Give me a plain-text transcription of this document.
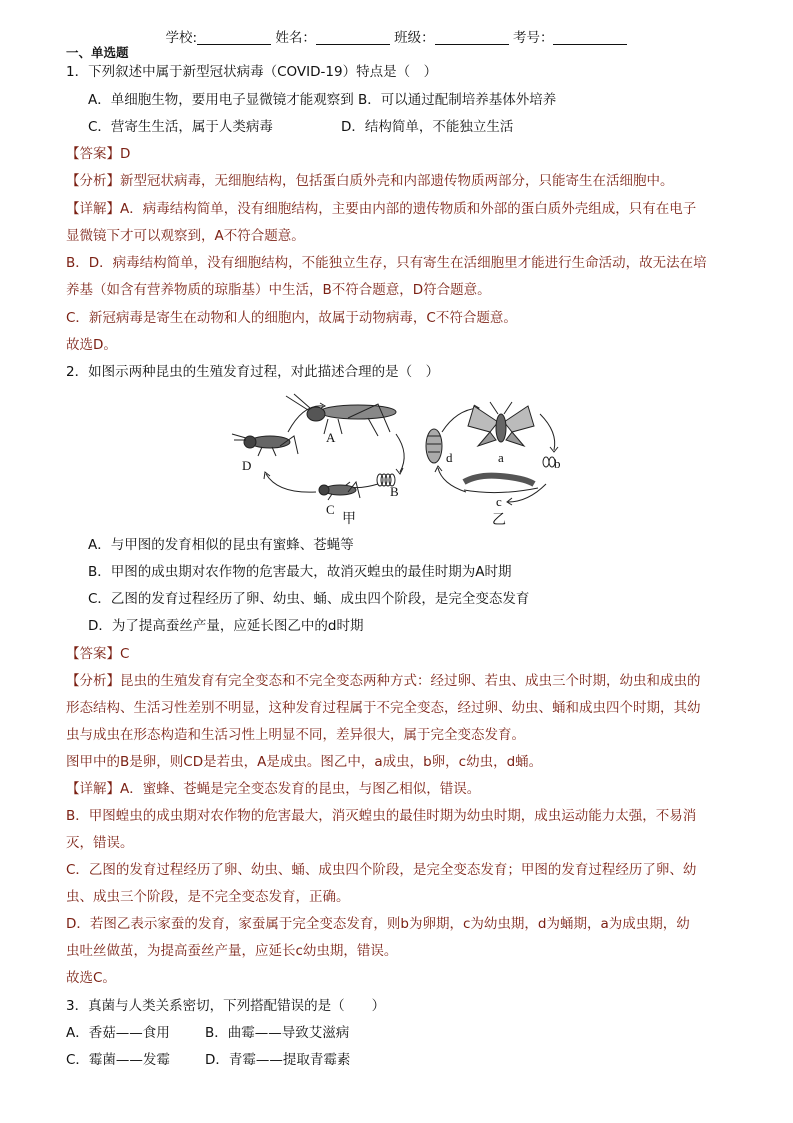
学校:	姓名：	班级：	考号：
一、单选题
1．下列叙述中属于新型冠状病毒（COVID-19）特点是（　）
A．单细胞生物，要用电子显微镜才能观察到 B．可以通过配制培养基体外培养
C．营寄生生活，属于人类病毒	D．结构简单，不能独立生活
【答案】D
【分析】新型冠状病毒，无细胞结构，包括蛋白质外壳和内部遗传物质两部分，只能寄生在活细胞中。
【详解】A．病毒结构简单，没有细胞结构，主要由内部的遗传物质和外部的蛋白质外壳组成，只有在电子
显微镜下才可以观察到，A不符合题意。
B．D．病毒结构简单，没有细胞结构，不能独立生存，只有寄生在活细胞里才能进行生命活动，故无法在培
养基（如含有营养物质的琼脂基）中生活，B不符合题意，D符合题意。
C．新冠病毒是寄生在动物和人的细胞内，故属于动物病毒，C不符合题意。
故选D。
2．如图示两种昆虫的生殖发育过程，对此描述合理的是（　）
A
B
C
D
甲
a	b
c
d
乙
A．与甲图的发育相似的昆虫有蜜蜂、苍蝇等
B．甲图的成虫期对农作物的危害最大，故消灭蝗虫的最佳时期为A时期
C．乙图的发育过程经历了卵、幼虫、蛹、成虫四个阶段，是完全变态发育
D．为了提高蚕丝产量，应延长图乙中的d时期
【答案】C
【分析】昆虫的生殖发育有完全变态和不完全变态两种方式：经过卵、若虫、成虫三个时期，幼虫和成虫的
形态结构、生活习性差别不明显，这种发育过程属于不完全变态，经过卵、幼虫、蛹和成虫四个时期，其幼
虫与成虫在形态构造和生活习性上明显不同，差异很大，属于完全变态发育。
图甲中的B是卵，则CD是若虫，A是成虫。图乙中，a成虫，b卵，c幼虫，d蛹。
【详解】A．蜜蜂、苍蝇是完全变态发育的昆虫，与图乙相似，错误。
B．甲图蝗虫的成虫期对农作物的危害最大，消灭蝗虫的最佳时期为幼虫时期，成虫运动能力太强，不易消
灭，错误。
C．乙图的发育过程经历了卵、幼虫、蛹、成虫四个阶段，是完全变态发育；甲图的发育过程经历了卵、幼
虫、成虫三个阶段，是不完全变态发育，正确。
D．若图乙表示家蚕的发育，家蚕属于完全变态发育，则b为卵期，c为幼虫期，d为蛹期，a为成虫期，幼
虫吐丝做茧，为提高蚕丝产量，应延长c幼虫期，错误。
故选C。
3．真菌与人类关系密切，下列搭配错误的是（　　）
A．香菇——食用	B．曲霉——导致艾滋病
C．霉菌——发霉	D．青霉——提取青霉素
